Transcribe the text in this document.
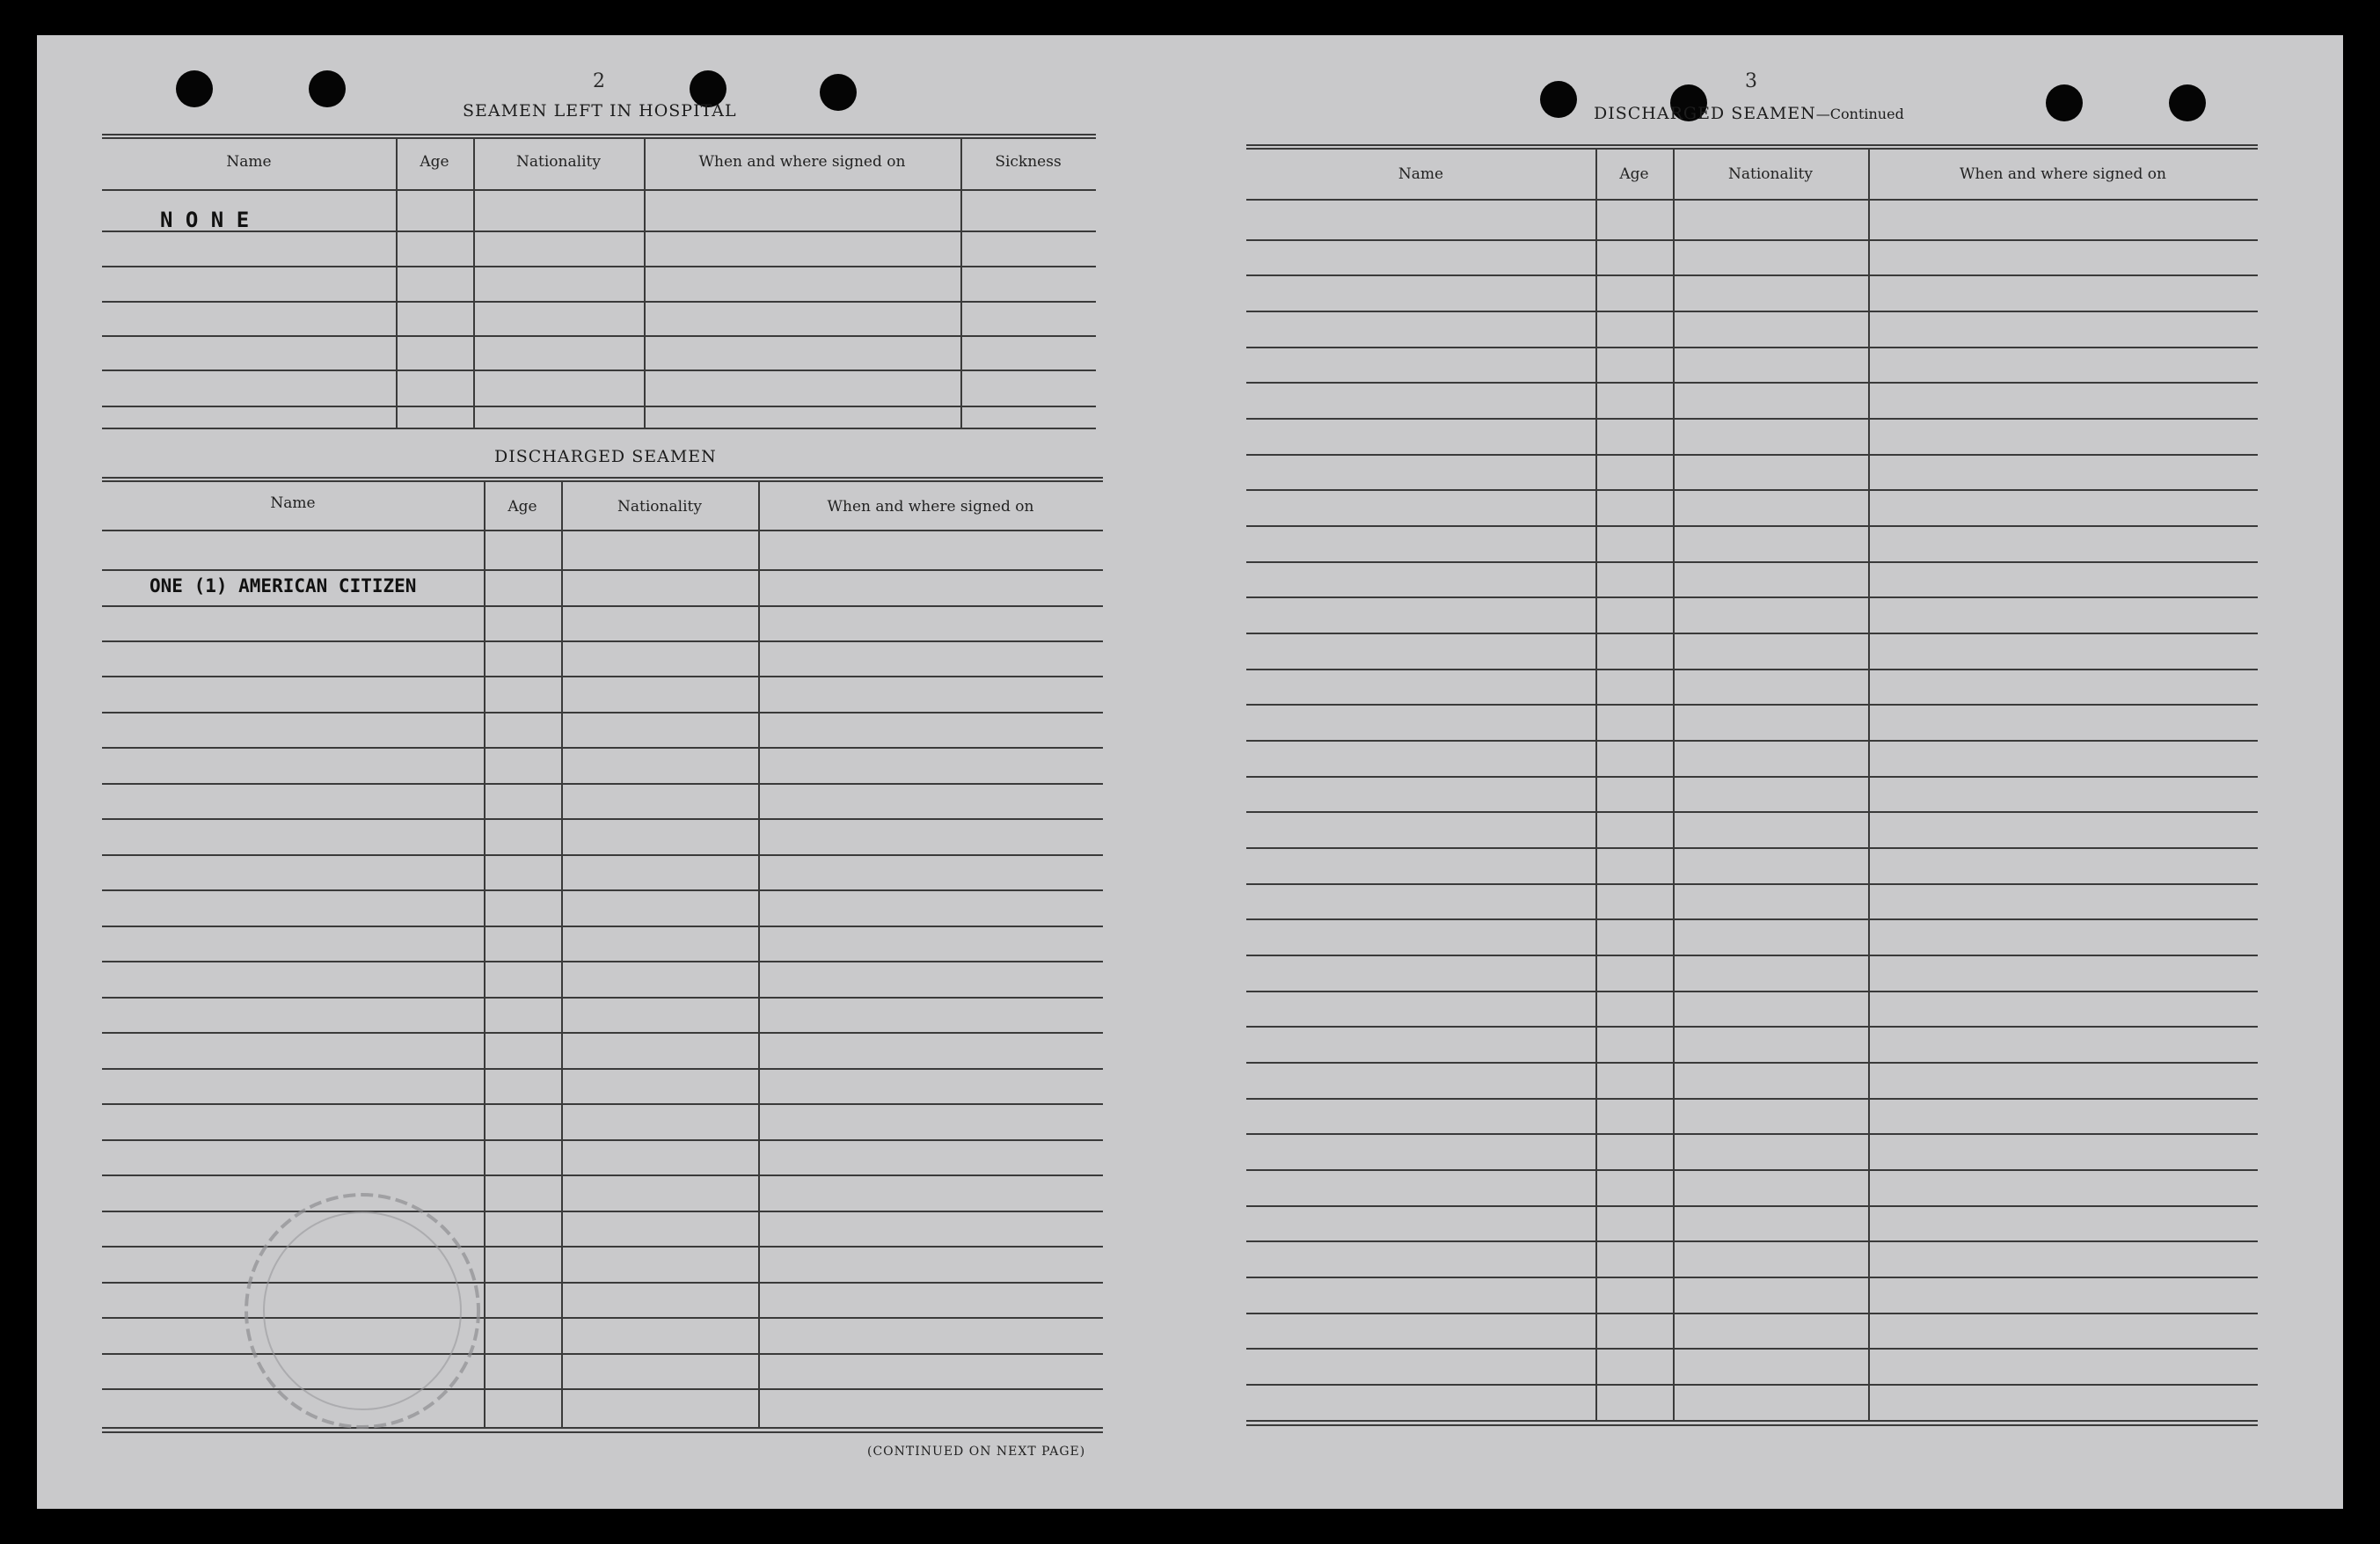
2
SEAMEN LEFT IN HOSPITAL
Name	Age	Nationality	When and where signed on	Sickness
N O N E
DISCHARGED SEAMEN
Name	Age	Nationality	When and where signed on
ONE (1) AMERICAN CITIZEN
(CONTINUED ON NEXT PAGE)
3
DISCHARGED SEAMEN—Continued
Name	Age	Nationality	When and where signed on
